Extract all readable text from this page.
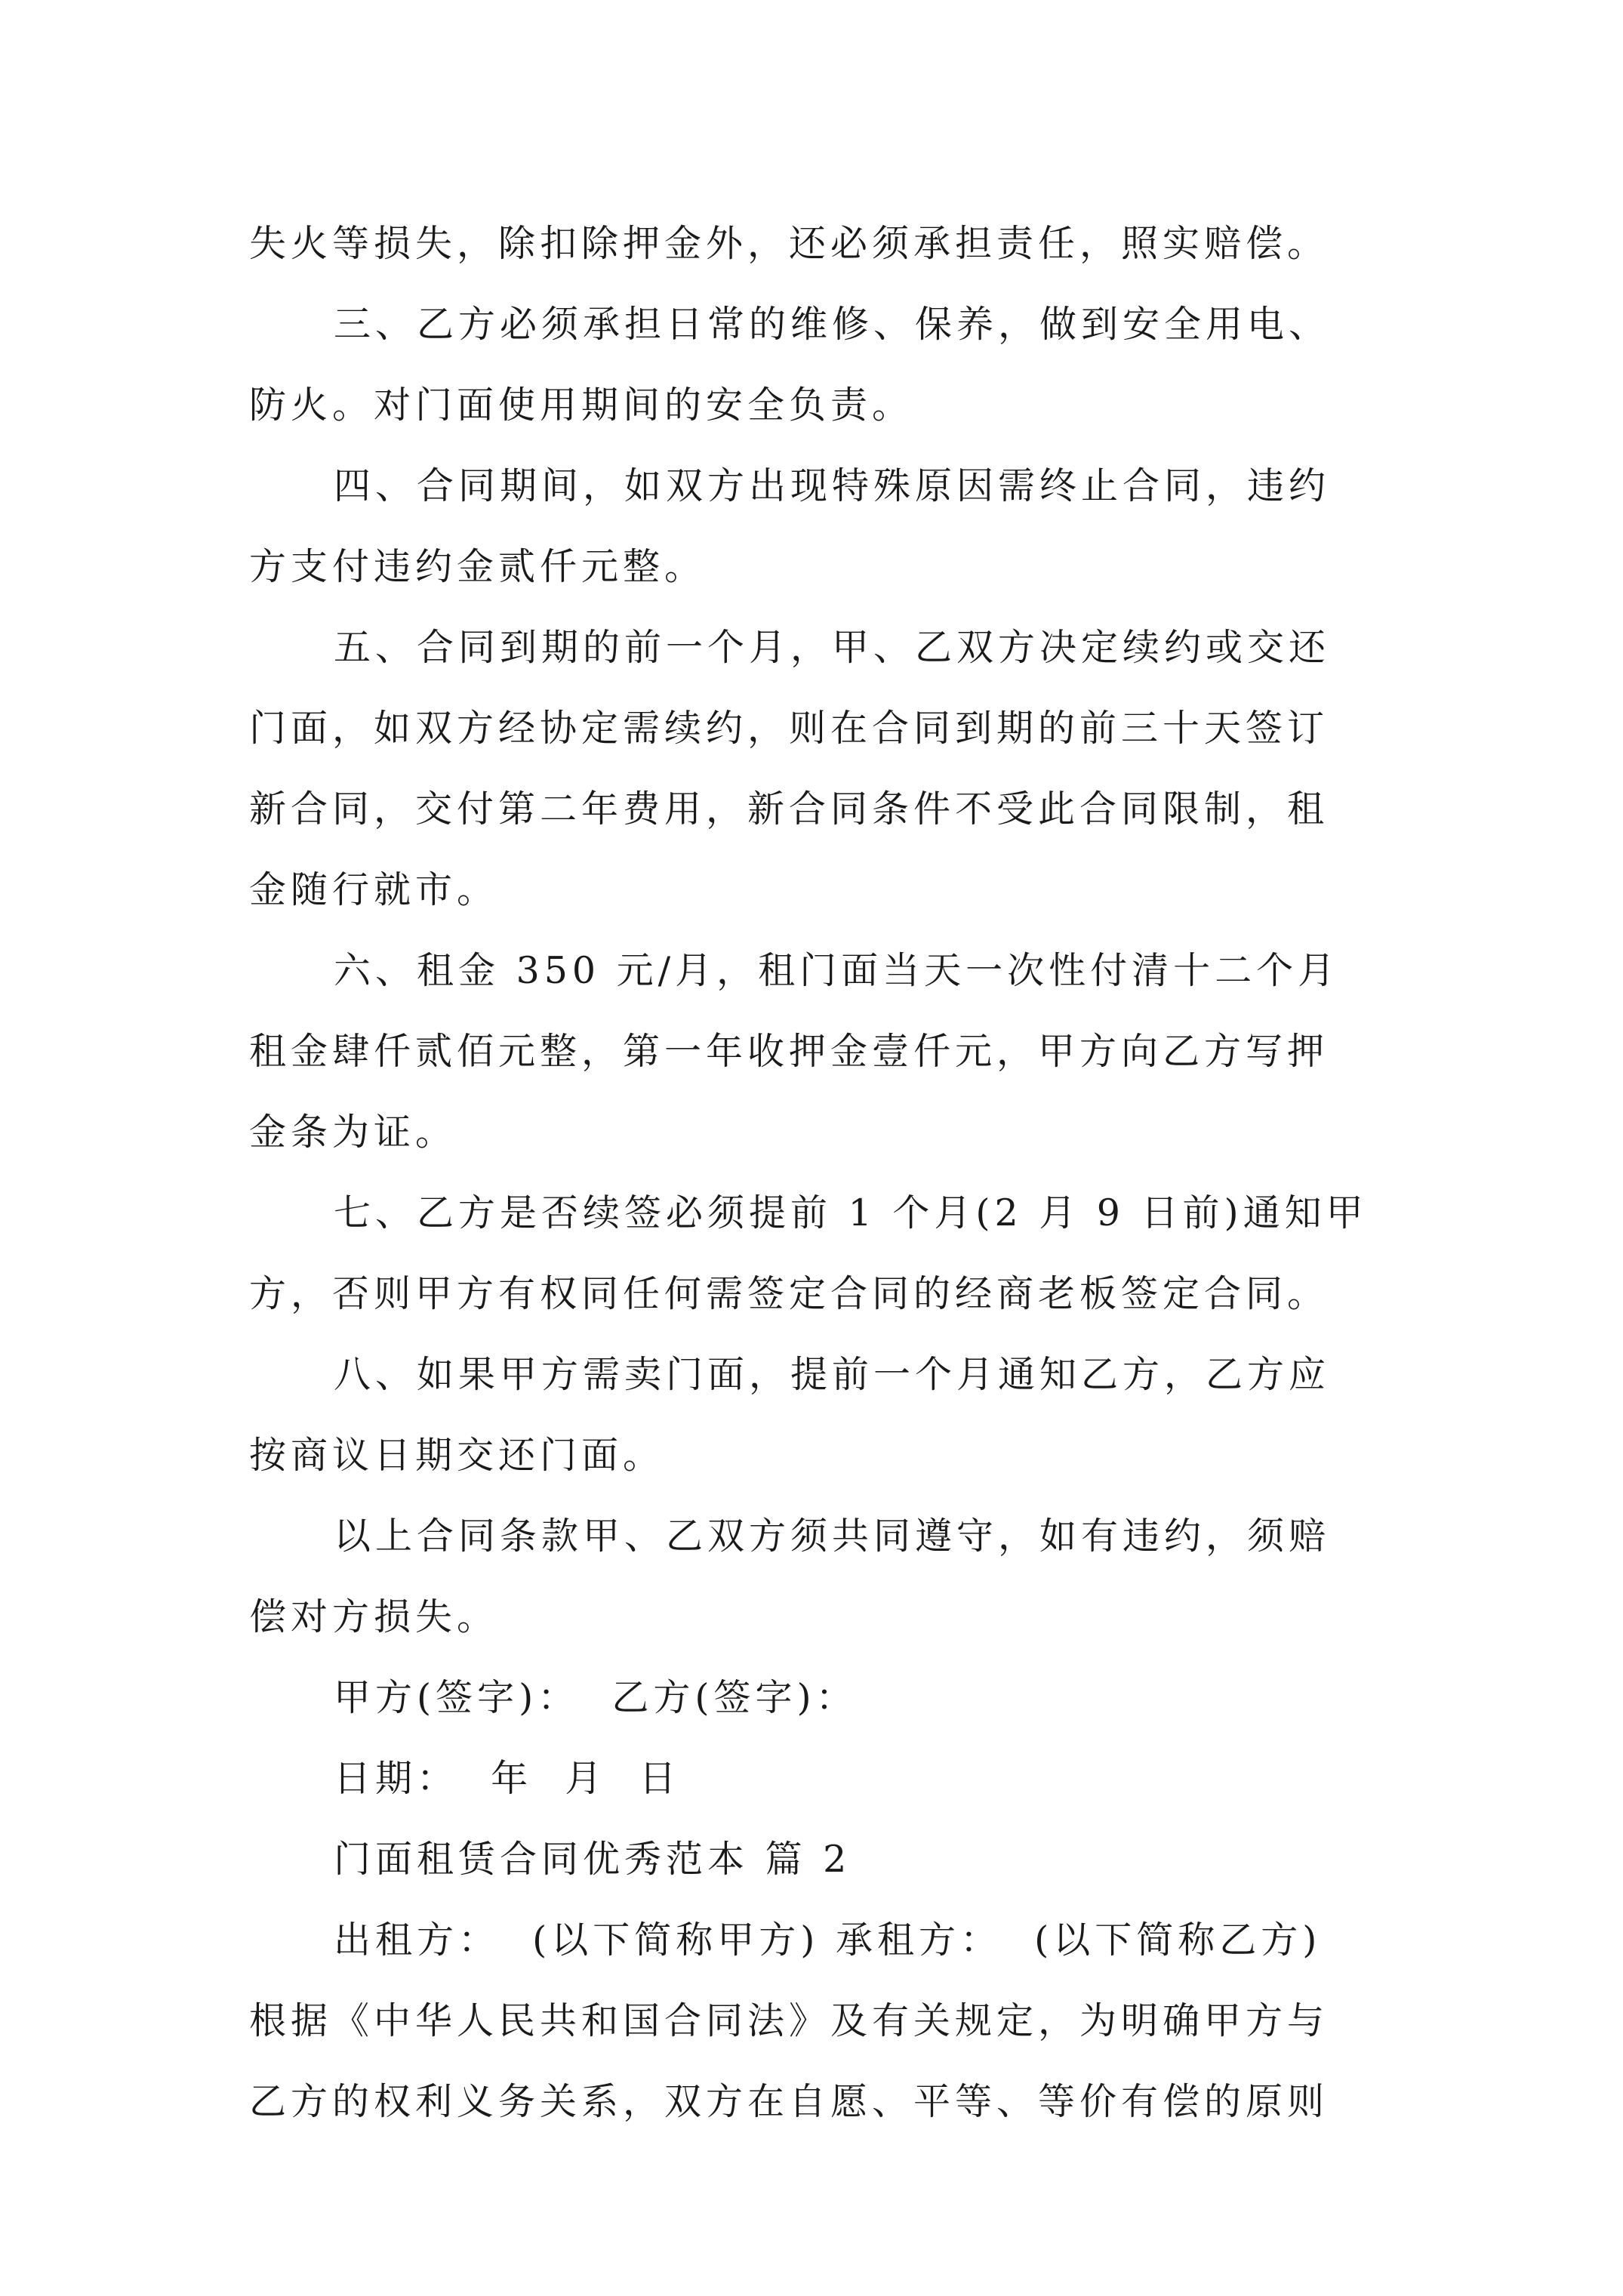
失火等损失，除扣除押金外，还必须承担责任，照实赔偿。
三、乙方必须承担日常的维修、保养，做到安全用电、
防火。对门面使用期间的安全负责。
四、合同期间，如双方出现特殊原因需终止合同，违约
方支付违约金贰仟元整。
五、合同到期的前一个月，甲、乙双方决定续约或交还
门面，如双方经协定需续约，则在合同到期的前三十天签订
新合同，交付第二年费用，新合同条件不受此合同限制，租
金随行就市。
六、租金 350 元/月，租门面当天一次性付清十二个月
租金肆仟贰佰元整，第一年收押金壹仟元，甲方向乙方写押
金条为证。
七、乙方是否续签必须提前 1 个月(2 月 9 日前)通知甲
方，否则甲方有权同任何需签定合同的经商老板签定合同。
八、如果甲方需卖门面，提前一个月通知乙方，乙方应
按商议日期交还门面。
以上合同条款甲、乙双方须共同遵守，如有违约，须赔
偿对方损失。
甲方(签字)：  乙方(签字)：
日期：  年  月  日
门面租赁合同优秀范本 篇 2
出租方：  (以下简称甲方) 承租方：  (以下简称乙方)
根据《中华人民共和国合同法》及有关规定，为明确甲方与
乙方的权利义务关系，双方在自愿、平等、等价有偿的原则
